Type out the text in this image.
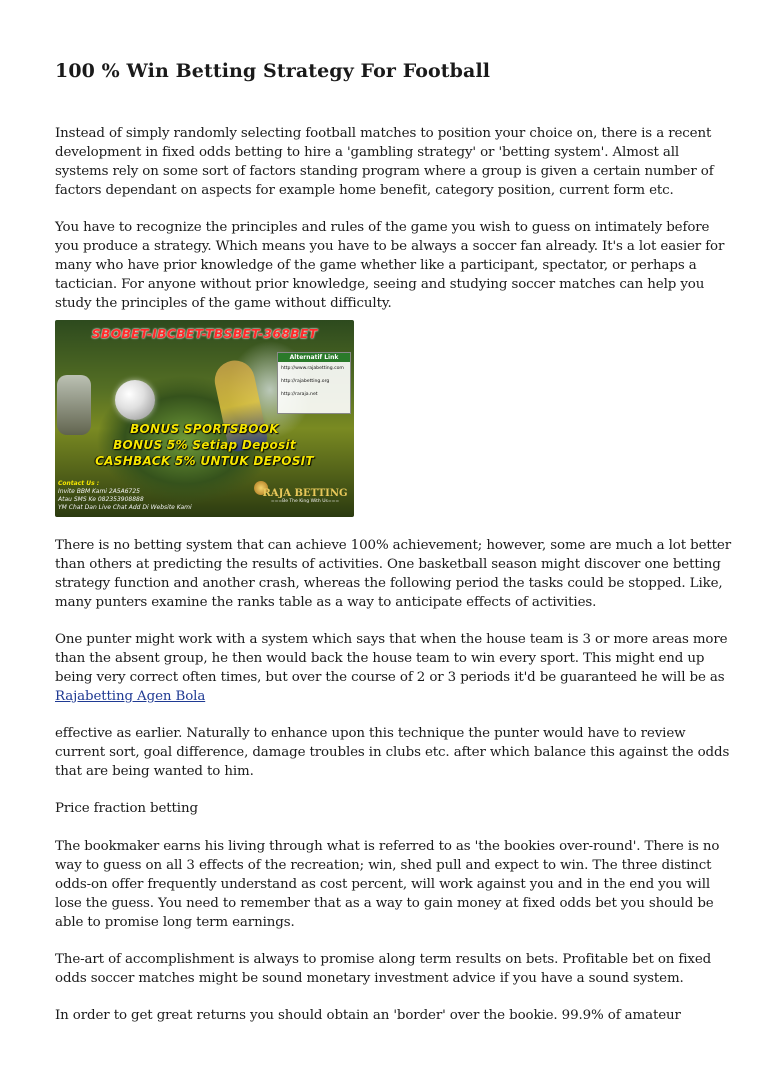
100 % Win Betting Strategy For Football

Instead of simply randomly selecting football matches to position your choice on, there is a recent
development in fixed odds betting to hire a 'gambling strategy' or 'betting system'. Almost all
systems rely on some sort of factors standing program where a group is given a certain number of
factors dependant on aspects for example home benefit, category position, current form etc.

You have to recognize the principles and rules of the game you wish to guess on intimately before
you produce a strategy. Which means you have to be always a soccer fan already. It's a lot easier for
many who have prior knowledge of the game whether like a participant, spectator, or perhaps a
tactician. For anyone without prior knowledge, seeing and studying soccer matches can help you
study the principles of the game without difficulty.

SBOBET-IBCBET-TBSBET-368BET
Alternatif Link
http://www.rajabetting.com
http://rajabetting.org
http://raraja.net
BONUS SPORTSBOOK
BONUS 5% Setiap Deposit
CASHBACK 5% UNTUK DEPOSIT
Contact Us :
Invite BBM Kami 2A5A6725
Atau SMS Ke 082353908888
YM Chat Dan Live Chat Add Di Website Kami
RAJA BETTING
===Be The King With Us===

There is no betting system that can achieve 100% achievement; however, some are much a lot better
than others at predicting the results of activities. One basketball season might discover one betting
strategy function and another crash, whereas the following period the tasks could be stopped. Like,
many punters examine the ranks table as a way to anticipate effects of activities.

One punter might work with a system which says that when the house team is 3 or more areas more
than the absent group, he then would back the house team to win every sport. This might end up
being very correct often times, but over the course of 2 or 3 periods it'd be guaranteed he will be as
Rajabetting Agen Bola

effective as earlier. Naturally to enhance upon this technique the punter would have to review
current sort, goal difference, damage troubles in clubs etc. after which balance this against the odds
that are being wanted to him.

Price fraction betting

The bookmaker earns his living through what is referred to as 'the bookies over-round'. There is no
way to guess on all 3 effects of the recreation; win, shed pull and expect to win. The three distinct
odds-on offer frequently understand as cost percent, will work against you and in the end you will
lose the guess. You need to remember that as a way to gain money at fixed odds bet you should be
able to promise long term earnings.

The-art of accomplishment is always to promise along term results on bets. Profitable bet on fixed
odds soccer matches might be sound monetary investment advice if you have a sound system.

In order to get great returns you should obtain an 'border' over the bookie. 99.9% of amateur
